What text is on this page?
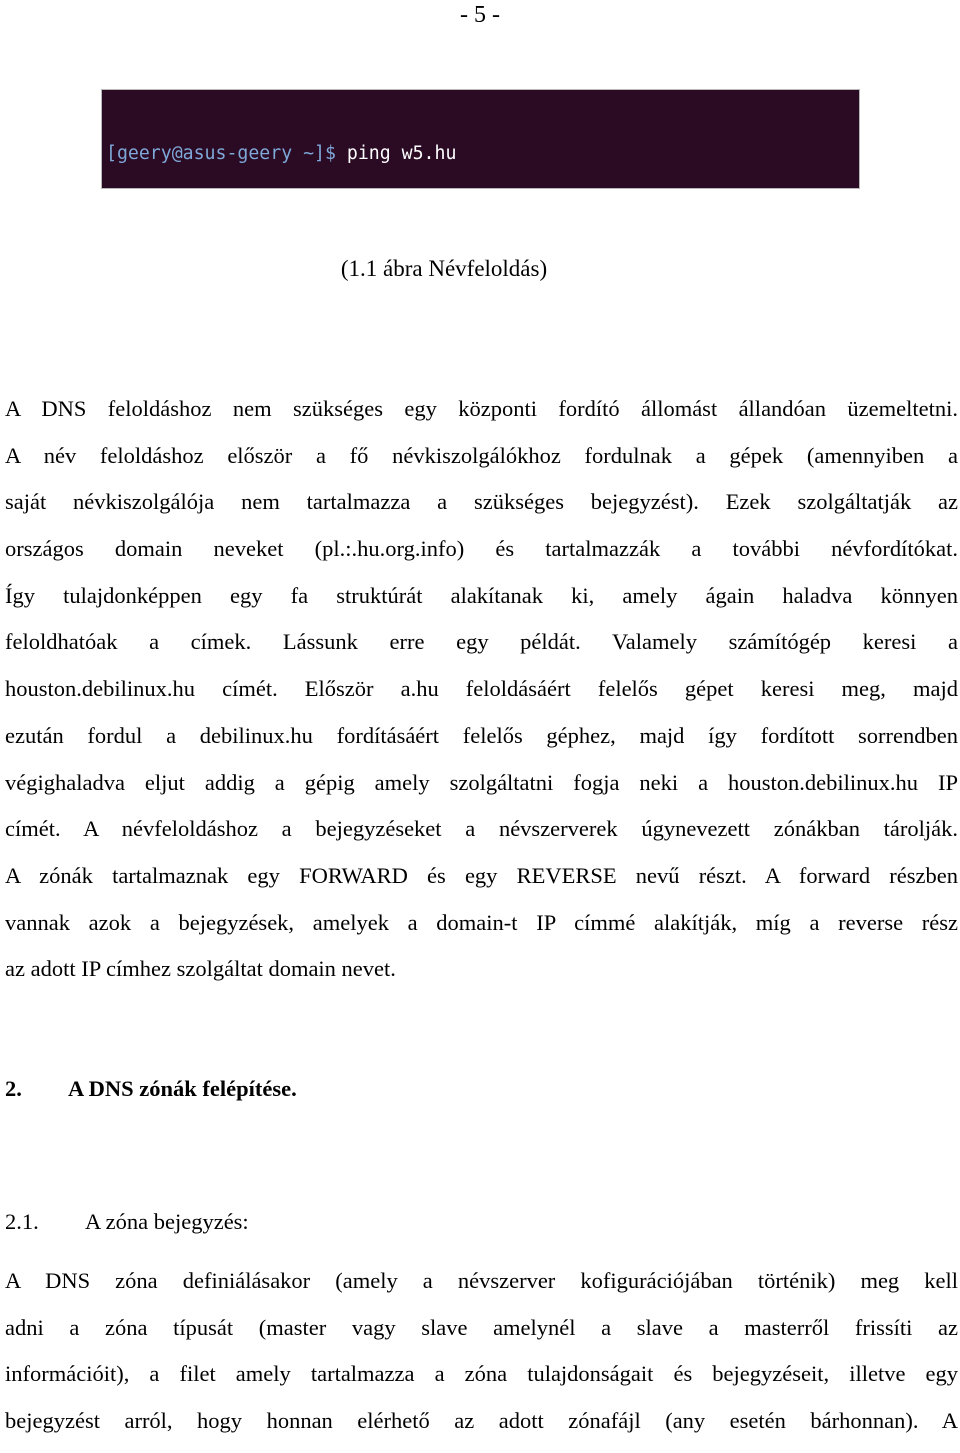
- 5 -

[geery@asus-geery ~]$ ping w5.hu

PING w5.hu (94.125.248.21) 56(84) bytes of data.

64 bytes from w5.hu (94.125.248.21): icmp_req=1 ttl=56 time=11.8 ms

64 bytes from w5.hu (94.125.248.21): icmp_req=2 ttl=56 time=12.6 ms

(1.1 ábra Névfeloldás)
A DNS feloldáshoz nem szükséges egy központi fordító állomást állandóan üzemeltetni.
A név feloldáshoz először a fő névkiszolgálókhoz fordulnak a gépek (amennyiben a
saját névkiszolgálója nem tartalmazza a szükséges bejegyzést). Ezek szolgáltatják az
országos domain neveket (pl.:.hu.org.info) és tartalmazzák a további névfordítókat.
Így tulajdonképpen egy fa struktúrát alakítanak ki, amely ágain haladva könnyen
feloldhatóak a címek. Lássunk erre egy példát. Valamely számítógép keresi a
houston.debilinux.hu címét. Először a.hu feloldásáért felelős gépet keresi meg, majd
ezután fordul a debilinux.hu fordításáért felelős géphez, majd így fordított sorrendben
végighaladva eljut addig a gépig amely szolgáltatni fogja neki a houston.debilinux.hu IP
címét. A névfeloldáshoz a bejegyzéseket a névszerverek úgynevezett zónákban tárolják.
A zónák tartalmaznak egy FORWARD és egy REVERSE nevű részt. A forward részben
vannak azok a bejegyzések, amelyek a domain-t IP címmé alakítják, míg a reverse rész
az adott IP címhez szolgáltat domain nevet.
2. A DNS zónák felépítése.
2.1. A zóna bejegyzés:
A DNS zóna definiálásakor (amely a névszerver kofigurációjában történik) meg kell
adni a zóna típusát (master vagy slave amelynél a slave a masterről frissíti az
információit), a filet amely tartalmazza a zóna tulajdonságait és bejegyzéseit, illetve egy
bejegyzést arról, hogy honnan elérhető az adott zónafájl (any esetén bárhonnan). A
